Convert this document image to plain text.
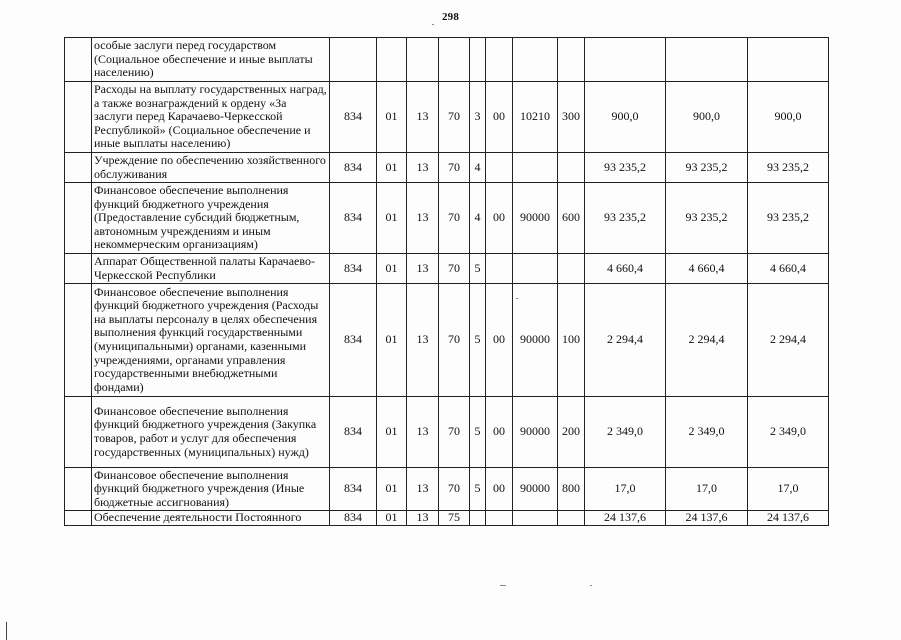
298
	особые заслуги перед государством (Социальное обеспечение и иные выплаты населению)											
	Расходы на выплату государственных наград, а также вознаграждений к ордену «За заслуги перед Карачаево-Черкесской Республикой» (Социальное обеспечение и иные выплаты населению)	834	01	13	70	3	00	10210	300	900,0	900,0	900,0
	Учреждение по обеспечению хозяйственного обслуживания	834	01	13	70	4				93 235,2	93 235,2	93 235,2
	Финансовое обеспечение выполнения функций бюджетного учреждения (Предоставление субсидий бюджетным, автономным учреждениям и иным некоммерческим организациям)	834	01	13	70	4	00	90000	600	93 235,2	93 235,2	93 235,2
	Аппарат Общественной палаты Карачаево-Черкесской Республики	834	01	13	70	5				4 660,4	4 660,4	4 660,4
	Финансовое обеспечение выполнения функций бюджетного учреждения (Расходы на выплаты персоналу в целях обеспечения выполнения функций государственными (муниципальными) органами, казенными учреждениями, органами управления государственными внебюджетными фондами)	834	01	13	70	5	00	90000	100	2 294,4	2 294,4	2 294,4
	Финансовое обеспечение выполнения функций бюджетного учреждения (Закупка товаров, работ и услуг для обеспечения государственных (муниципальных) нужд)	834	01	13	70	5	00	90000	200	2 349,0	2 349,0	2 349,0
	Финансовое обеспечение выполнения функций бюджетного учреждения (Иные бюджетные ассигнования)	834	01	13	70	5	00	90000	800	17,0	17,0	17,0
	Обеспечение деятельности Постоянного	834	01	13	75					24 137,6	24 137,6	24 137,6
